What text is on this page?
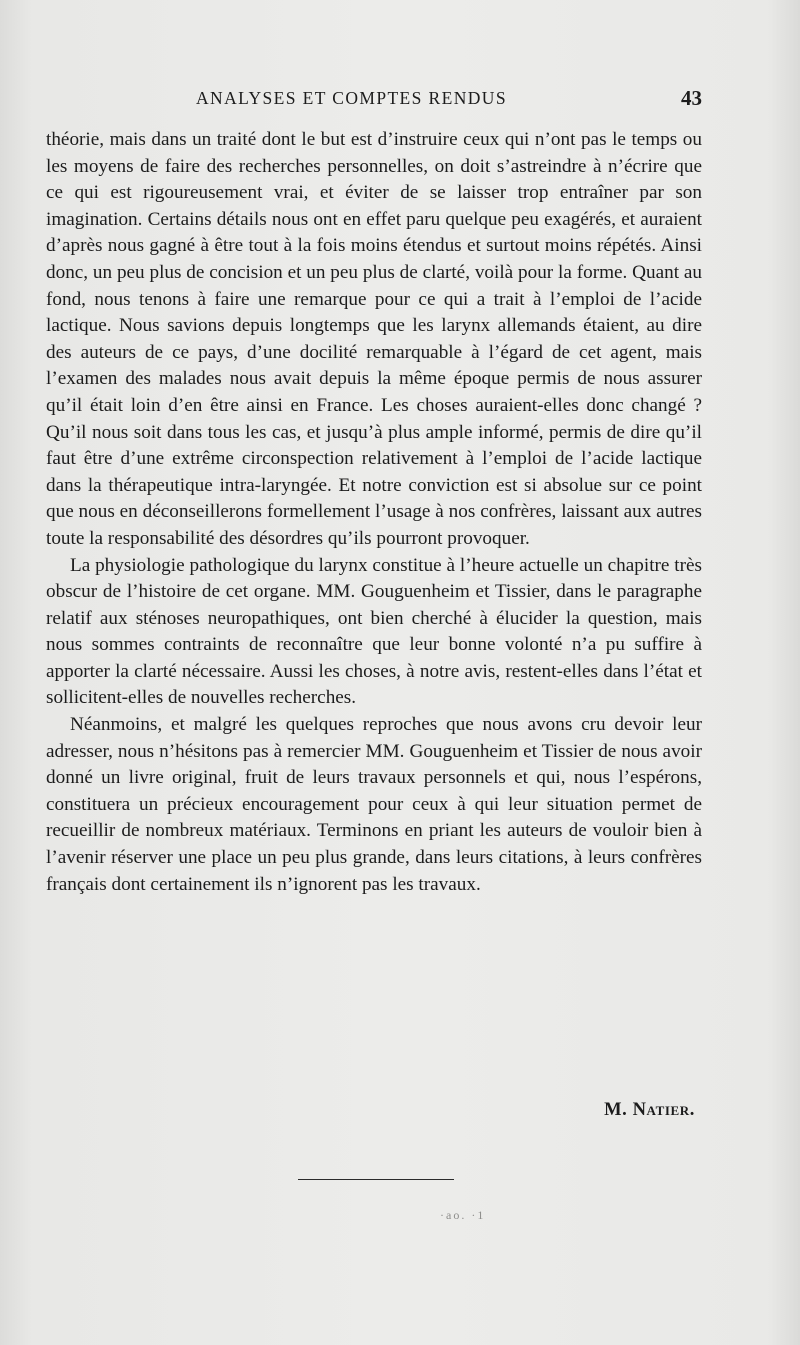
ANALYSES ET COMPTES RENDUS	43

théorie, mais dans un traité dont le but est d’instruire ceux qui n’ont pas le temps ou les moyens de faire des recherches personnelles, on doit s’astreindre à n’écrire que ce qui est rigoureusement vrai, et éviter de se laisser trop entraîner par son imagination. Certains détails nous ont en effet paru quelque peu exagérés, et auraient d’après nous gagné à être tout à la fois moins étendus et surtout moins répétés. Ainsi donc, un peu plus de concision et un peu plus de clarté, voilà pour la forme. Quant au fond, nous tenons à faire une remarque pour ce qui a trait à l’emploi de l’acide lactique. Nous savions depuis longtemps que les larynx allemands étaient, au dire des auteurs de ce pays, d’une docilité remarquable à l’égard de cet agent, mais l’examen des malades nous avait depuis la même époque permis de nous assurer qu’il était loin d’en être ainsi en France. Les choses auraient-elles donc changé ? Qu’il nous soit dans tous les cas, et jusqu’à plus ample informé, permis de dire qu’il faut être d’une extrême circonspection relativement à l’emploi de l’acide lactique dans la thérapeutique intra-laryngée. Et notre conviction est si absolue sur ce point que nous en déconseillerons formellement l’usage à nos confrères, laissant aux autres toute la responsabilité des désordres qu’ils pourront provoquer.

La physiologie pathologique du larynx constitue à l’heure actuelle un chapitre très obscur de l’histoire de cet organe. MM. Gouguenheim et Tissier, dans le paragraphe relatif aux sténoses neuropathiques, ont bien cherché à élucider la question, mais nous sommes contraints de reconnaître que leur bonne volonté n’a pu suffire à apporter la clarté nécessaire. Aussi les choses, à notre avis, restent-elles dans l’état et sollicitent-elles de nouvelles recherches.

Néanmoins, et malgré les quelques reproches que nous avons cru devoir leur adresser, nous n’hésitons pas à remercier MM. Gouguenheim et Tissier de nous avoir donné un livre original, fruit de leurs travaux personnels et qui, nous l’espérons, constituera un précieux encouragement pour ceux à qui leur situation permet de recueillir de nombreux matériaux. Terminons en priant les auteurs de vouloir bien à l’avenir réserver une place un peu plus grande, dans leurs citations, à leurs confrères français dont certainement ils n’ignorent pas les travaux.

M. Natier.
·ao. ·1
